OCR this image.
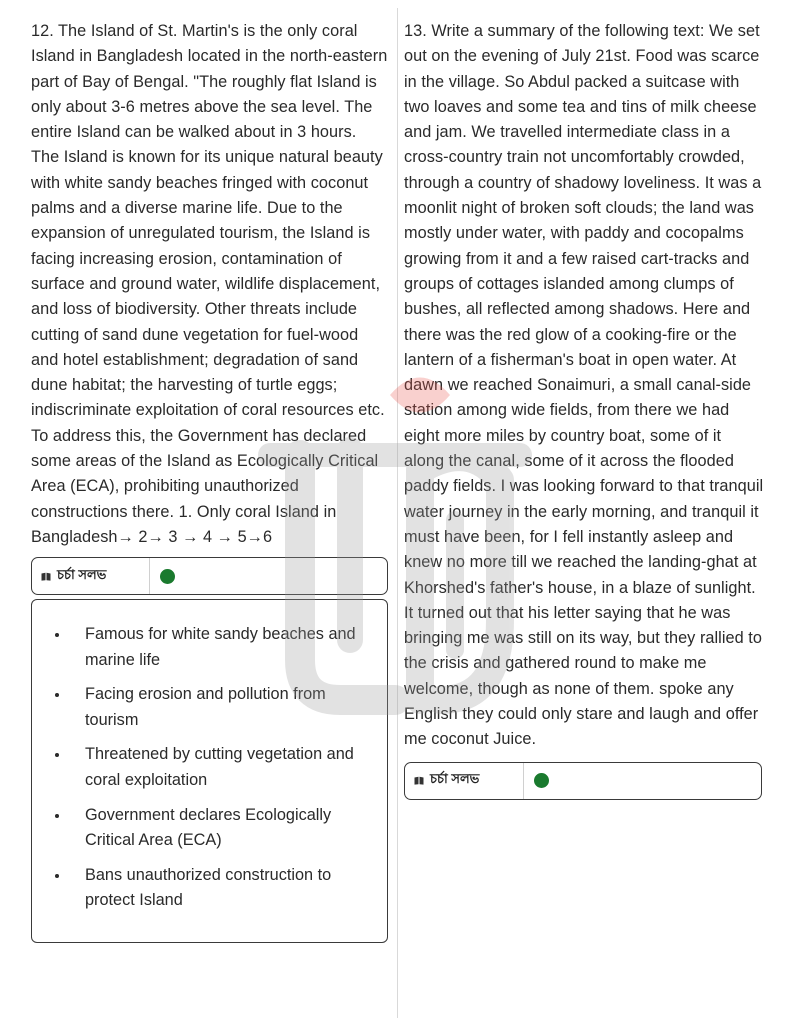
12. The Island of St. Martin's is the only coral Island in Bangladesh located in the north-eastern part of Bay of Bengal. "The roughly flat Island is only about 3-6 metres above the sea level. The entire Island can be walked about in 3 hours. The Island is known for its unique natural beauty with white sandy beaches fringed with coconut palms and a diverse marine life. Due to the expansion of unregulated tourism, the Island is facing increasing erosion, contamination of surface and ground water, wildlife displacement, and loss of biodiversity. Other threats include cutting of sand dune vegetation for fuel-wood and hotel establishment; degradation of sand dune habitat; the harvesting of turtle eggs; indiscriminate exploitation of coral resources etc. To address this, the Government has declared some areas of the Island as Ecologically Critical Area (ECA), prohibiting unauthorized constructions there. 1. Only coral Island in Bangladesh→ 2→ 3 → 4 → 5→6

চর্চা সলভ
• Famous for white sandy beaches and marine life
• Facing erosion and pollution from tourism
• Threatened by cutting vegetation and coral exploitation
• Government declares Ecologically Critical Area (ECA)
• Bans unauthorized construction to protect Island

13. Write a summary of the following text: We set out on the evening of July 21st. Food was scarce in the village. So Abdul packed a suitcase with two loaves and some tea and tins of milk cheese and jam. We travelled intermediate class in a cross-country train not uncomfortably crowded, through a country of shadowy loveliness. It was a moonlit night of broken soft clouds; the land was mostly under water, with paddy and cocopalms growing from it and a few raised cart-tracks and groups of cottages islanded among clumps of bushes, all reflected among shadows. Here and there was the red glow of a cooking-fire or the lantern of a fisherman's boat in open water. At dawn we reached Sonaimuri, a small canal-side station among wide fields, from there we had eight more miles by country boat, some of it along the canal, some of it across the flooded paddy fields. I was looking forward to that tranquil water journey in the early morning, and tranquil it must have been, for I fell instantly asleep and knew no more till we reached the landing-ghat at Khorshed's father's house, in a blaze of sunlight. It turned out that his letter saying that he was bringing me was still on its way, but they rallied to the crisis and gathered round to make me welcome, though as none of them. spoke any English they could only stare and laugh and offer me coconut Juice.

চর্চা সলভ
